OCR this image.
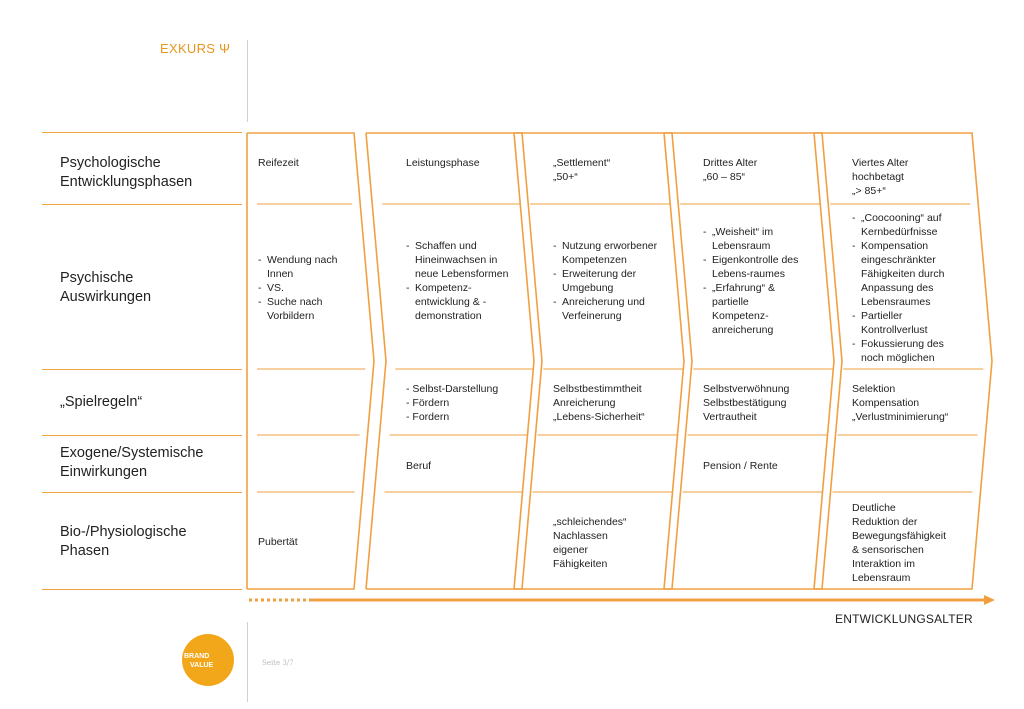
EXKURS Ψ
Psychologische
Entwicklungsphasen
Psychische
Auswirkungen
„Spielregeln“
Exogene/Systemische
Einwirkungen
Bio-/Physiologische
Phasen
Reifezeit
- Wendung nach Innen
- VS.
- Suche nach Vorbildern
Pubertät
Leistungsphase
- Schaffen und Hineinwachsen in neue Lebensformen
- Kompetenz-entwicklung & -demonstration
- Selbst-Darstellung
- Fördern
- Fordern
Beruf
„Settlement“
„50+“
- Nutzung erworbener Kompetenzen
- Erweiterung der Umgebung
- Anreicherung und Verfeinerung
Selbstbestimmtheit
Anreicherung
„Lebens-Sicherheit“
„schleichendes“
Nachlassen
eigener
Fähigkeiten
Drittes Alter
„60 – 85“
- „Weisheit“ im Lebensraum
- Eigenkontrolle des Lebens-raumes
- „Erfahrung“ & partielle Kompetenz-anreicherung
Selbstverwöhnung
Selbstbestätigung
Vertrautheit
Pension / Rente
Viertes Alter
hochbetagt
„> 85+“
- „Coocooning“ auf Kernbedürfnisse
- Kompensation eingeschränkter Fähigkeiten durch Anpassung des Lebensraumes
- Partieller Kontrollverlust
- Fokussierung des noch möglichen
Selektion
Kompensation
„Verlustminimierung“
Deutliche
Reduktion der
Bewegungsfähigkeit
& sensorischen
Interaktion im
Lebensraum
ENTWICKLUNGSALTER
BRAND
VALUE	Seite 3/7
